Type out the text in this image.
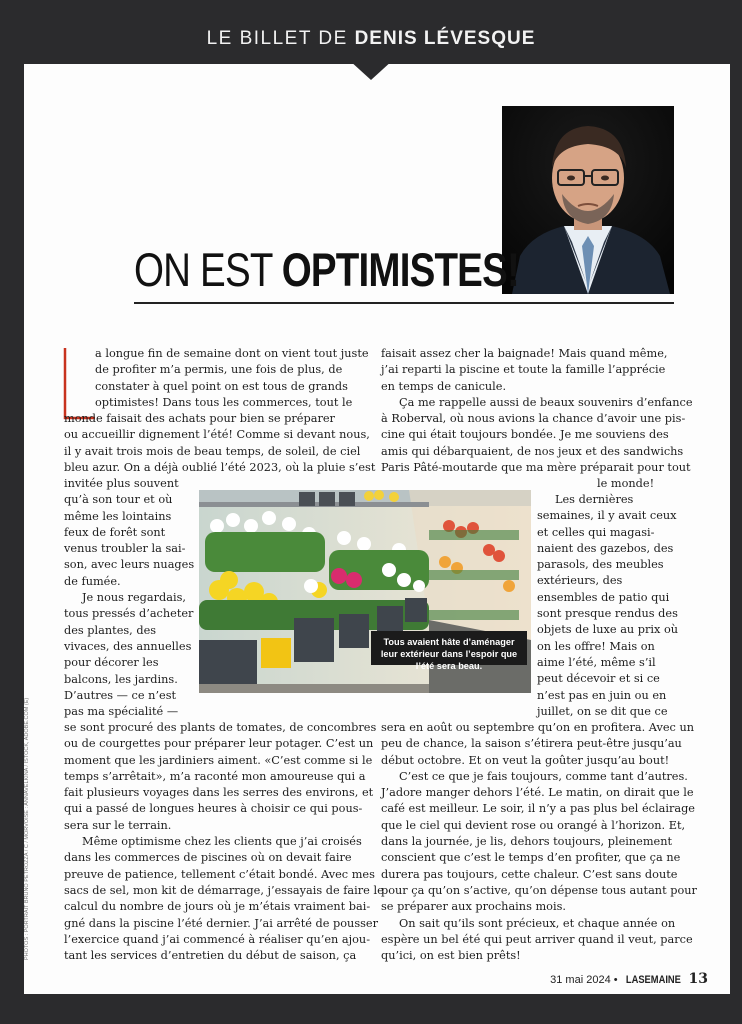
LE BILLET DE DENIS LÉVESQUE
ON EST OPTIMISTES!
a longue fin de semaine dont on vient tout juste
de profiter m’a permis, une fois de plus, de
constater à quel point on est tous de grands
optimistes! Dans tous les commerces, tout le
monde faisait des achats pour bien se préparer
ou accueillir dignement l’été! Comme si devant nous,
il y avait trois mois de beau temps, de soleil, de ciel
bleu azur. On a déjà oublié l’été 2023, où la pluie s’est
invitée plus souvent
qu’à son tour et où
même les lointains
feux de forêt sont
venus troubler la sai-
son, avec leurs nuages
de fumée.
Je nous regardais,
tous pressés d’acheter
des plantes, des
vivaces, des annuelles
pour décorer les
balcons, les jardins.
D’autres — ce n’est
pas ma spécialité —
se sont procuré des plants de tomates, de concombres
ou de courgettes pour préparer leur potager. C’est un
moment que les jardiniers aiment. «C’est comme si le
temps s’arrêtait», m’a raconté mon amoureuse qui a
fait plusieurs voyages dans les serres des environs, et
qui a passé de longues heures à choisir ce qui pous-
sera sur le terrain.
Même optimisme chez les clients que j’ai croisés
dans les commerces de piscines où on devait faire
preuve de patience, tellement c’était bondé. Avec mes
sacs de sel, mon kit de démarrage, j’essayais de faire le
calcul du nombre de jours où je m’étais vraiment bai-
gné dans la piscine l’été dernier. J’ai arrêté de pousser
l’exercice quand j’ai commencé à réaliser qu’en ajou-
tant les services d’entretien du début de saison, ça
faisait assez cher la baignade! Mais quand même,
j’ai reparti la piscine et toute la famille l’apprécie
en temps de canicule.
Ça me rappelle aussi de beaux souvenirs d’enfance
à Roberval, où nous avions la chance d’avoir une pis-
cine qui était toujours bondée. Je me souviens des
amis qui débarquaient, de nos jeux et des sandwichs
Paris Pâté-moutarde que ma mère préparait pour tout
le monde!
Les dernières
semaines, il y avait ceux
et celles qui magasi-
naient des gazebos, des
parasols, des meubles
extérieurs, des
ensembles de patio qui
sont presque rendus des
objets de luxe au prix où
on les offre! Mais on
aime l’été, même s’il
peut décevoir et si ce
n’est pas en juin ou en
juillet, on se dit que ce
sera en août ou septembre qu’on en profitera. Avec un
peu de chance, la saison s’étirera peut-être jusqu’au
début octobre. Et on veut la goûter jusqu’au bout!
C’est ce que je fais toujours, comme tant d’autres.
J’adore manger dehors l’été. Le matin, on dirait que le
café est meilleur. Le soir, il n’y a pas plus bel éclairage
que le ciel qui devient rose ou orangé à l’horizon. Et,
dans la journée, je lis, dehors toujours, pleinement
conscient que c’est le temps d’en profiter, que ça ne
durera pas toujours, cette chaleur. C’est sans doute
pour ça qu’on s’active, qu’on dépense tous autant pour
se préparer aux prochains mois.
On sait qu’ils sont précieux, et chaque année on
espère un bel été qui peut arriver quand il veut, parce
qu’ici, on est bien prêts!
Tous avaient hâte d’aménager leur extérieur dans l’espoir que l’été sera beau.
PHOTOS : PORTRAIT BRUNO PETROZZA / C / MORVOISE : ANNAVELKINA / ISTOCK, ADOBE.COM (E)
31 mai 2024 • LASEMAINE 13
